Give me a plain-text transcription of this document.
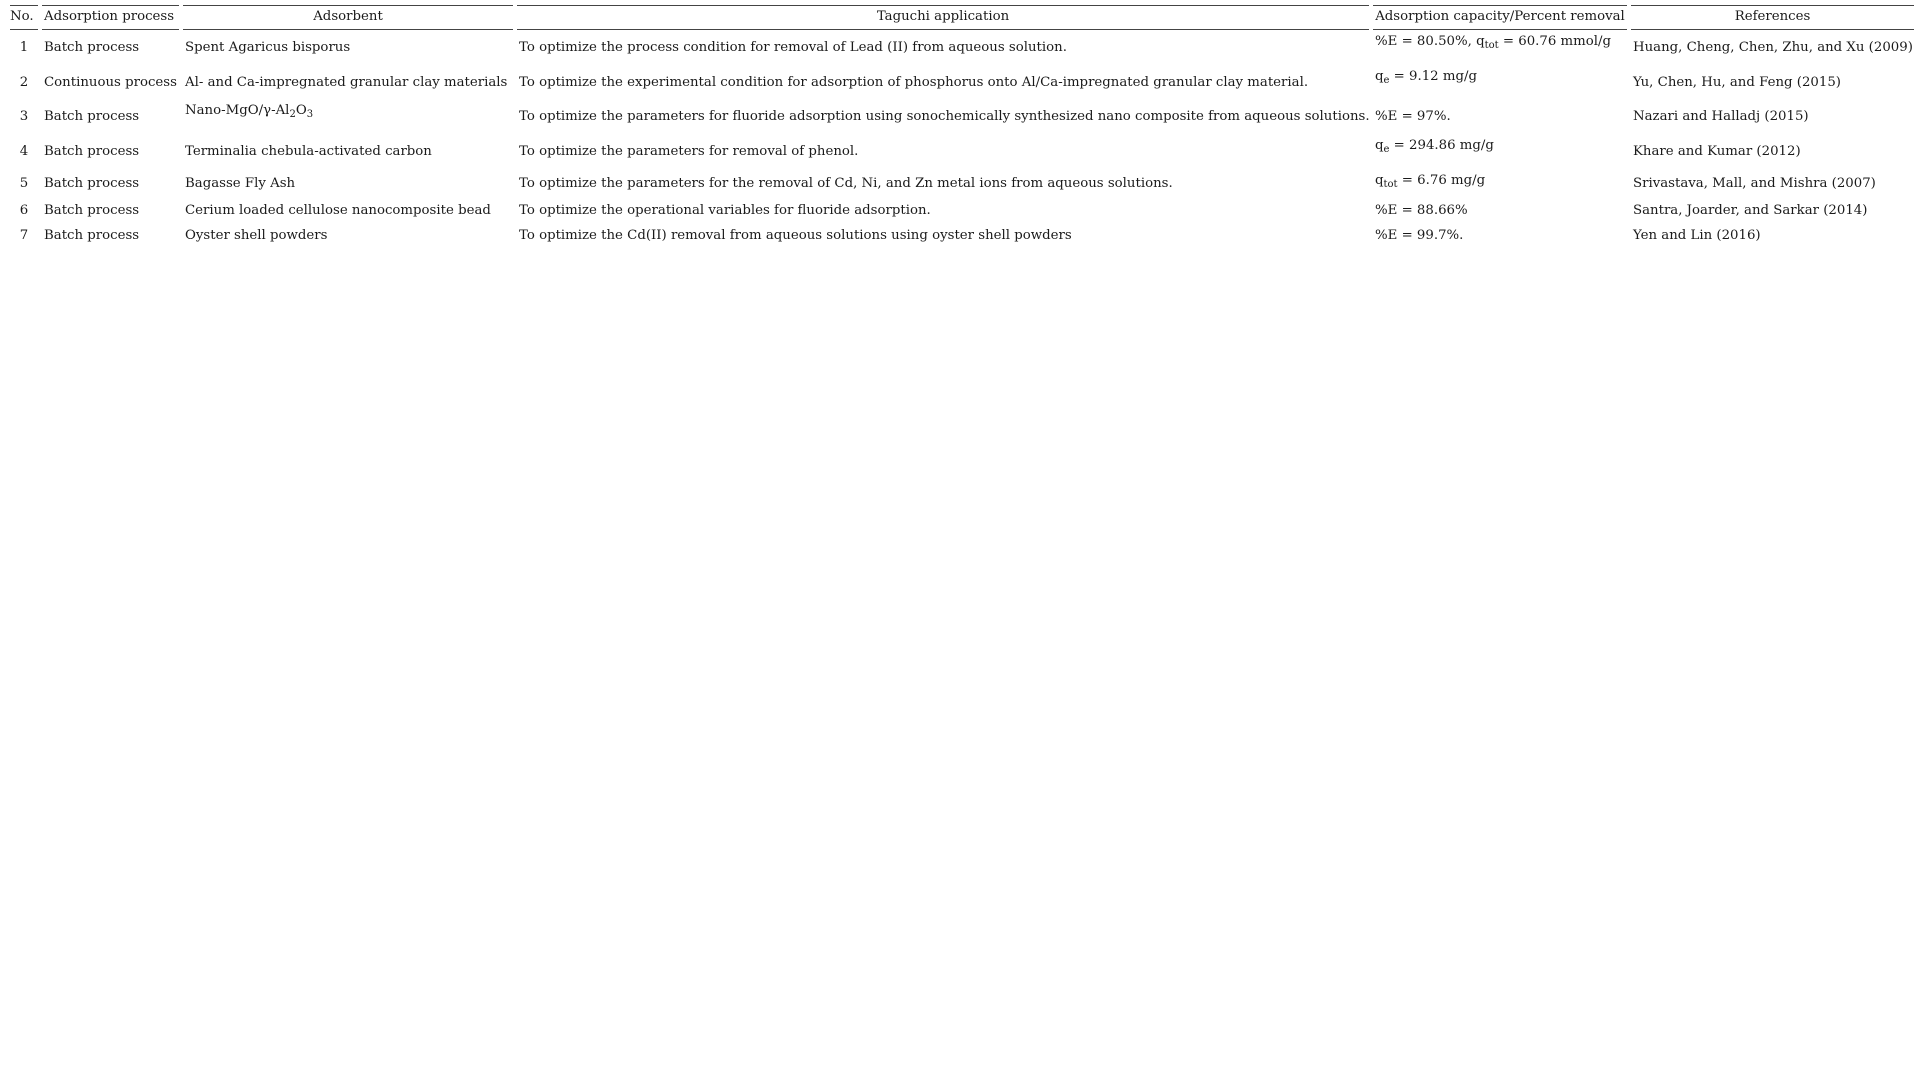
No.	Adsorption process	Adsorbent	Taguchi application	Adsorption capacity/Percent removal	References
1	Batch process	Spent Agaricus bisporus	To optimize the process condition for removal of Lead (II) from aqueous solution.	%E = 80.50%, $q_{tot} = 60.76$ mmol/g	Huang, Cheng, Chen, Zhu, and Xu (2009)
2	Continuous process	Al- and Ca-impregnated granular clay materials	To optimize the experimental condition for adsorption of phosphorus onto Al/Ca-impregnated granular clay material.	$q_e = 9.12$ mg/g	Yu, Chen, Hu, and Feng (2015)
3	Batch process	Nano-$MgO/\gamma-Al_2O_3$	To optimize the parameters for fluoride adsorption using sonochemically synthesized nano composite from aqueous solutions.	%E = 97%.	Nazari and Halladj (2015)
4	Batch process	Terminalia chebula-activated carbon	To optimize the parameters for removal of phenol.	$q_e = 294.86$ mg/g	Khare and Kumar (2012)
5	Batch process	Bagasse Fly Ash	To optimize the parameters for the removal of Cd, Ni, and Zn metal ions from aqueous solutions.	$q_{tot} = 6.76$ mg/g	Srivastava, Mall, and Mishra (2007)
6	Batch process	Cerium loaded cellulose nanocomposite bead	To optimize the operational variables for fluoride adsorption.	%E = 88.66%	Santra, Joarder, and Sarkar (2014)
7	Batch process	Oyster shell powders	To optimize the Cd(II) removal from aqueous solutions using oyster shell powders	%E = 99.7%.	Yen and Lin (2016)
